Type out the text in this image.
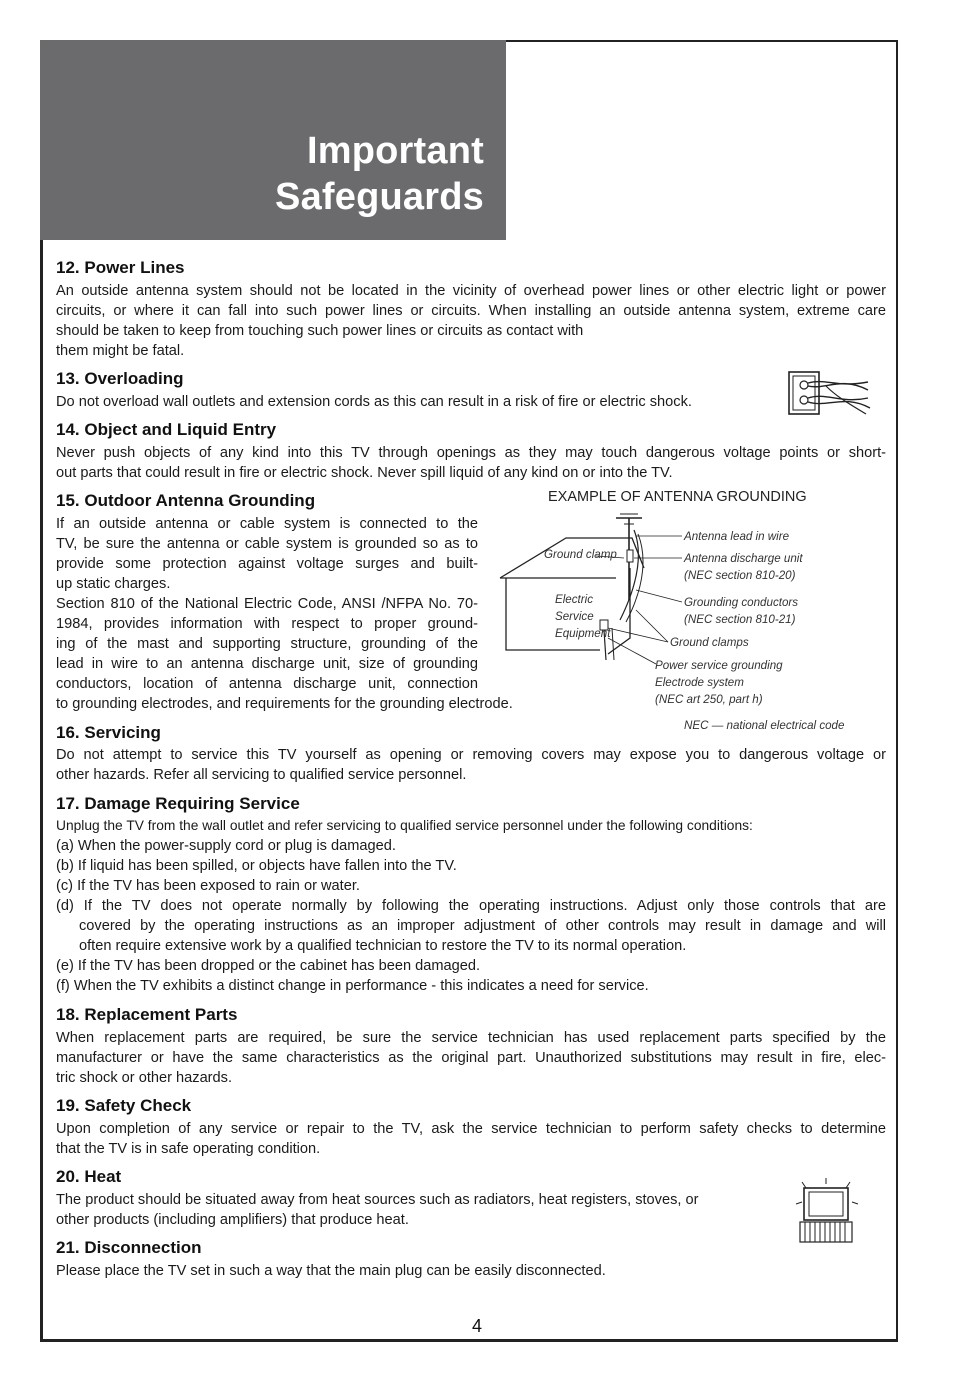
Important
Safeguards
12. Power Lines
An outside antenna system should not be located in the vicinity of overhead power lines or other electric light or power
circuits, or where it can fall into such power lines or circuits. When installing an outside antenna system, extreme care
should be taken to keep from touching such power lines or circuits as contact with
them might be fatal.
13. Overloading
Do not overload wall outlets and extension cords as this can result in a risk of fire or electric shock.
14. Object and Liquid Entry
Never push objects of any kind into this TV through openings as they may touch dangerous voltage points or short-
out parts that could result in fire or electric shock. Never spill liquid of any kind on or into the TV.
15. Outdoor Antenna Grounding
If an outside antenna or cable system is connected to the
TV, be sure the antenna or cable system is grounded so as to
provide some protection against voltage surges and built-
up static charges.
Section 810 of the National Electric Code, ANSI /NFPA No. 70-
1984, provides information with respect to proper ground-
ing of the mast and supporting structure, grounding of the
lead in wire to an antenna discharge unit, size of grounding
conductors, location of antenna discharge unit, connection
to grounding electrodes, and requirements for the grounding electrode.
EXAMPLE OF ANTENNA GROUNDING
Ground clamp
Electric
Service
Equipment
Antenna lead in wire
Antenna discharge unit
(NEC section 810-20)
Grounding conductors
(NEC section 810-21)
Ground clamps
Power service grounding
Electrode system
(NEC art 250, part h)
NEC — national electrical code
16. Servicing
Do not attempt to service this TV yourself as opening or removing covers may expose you to dangerous voltage or
other hazards. Refer all servicing to qualified service personnel.
17. Damage Requiring Service
Unplug the TV from the wall outlet and refer servicing to qualified service personnel under the following conditions:
(a) When the power-supply cord or plug is damaged.
(b) If liquid has been spilled, or objects have fallen into the TV.
(c) If the TV has been exposed to rain or water.
(d) If the TV does not operate normally by following the operating instructions. Adjust only those controls that are
covered by the operating instructions as an improper adjustment of other controls may result in damage and will
often require extensive work by a qualified technician to restore the TV to its normal operation.
(e) If the TV has been dropped or the cabinet has been damaged.
(f) When the TV exhibits a distinct change in performance - this indicates a need for service.
18. Replacement Parts
When replacement parts are required, be sure the service technician has used replacement parts specified by the
manufacturer or have the same characteristics as the original part. Unauthorized substitutions may result in fire, elec-
tric shock or other hazards.
19. Safety Check
Upon completion of any service or repair to the TV, ask the service technician to perform safety checks to determine
that the TV is in safe operating condition.
20. Heat
The product should be situated away from heat sources such as radiators, heat registers, stoves, or
other products (including amplifiers) that produce heat.
21. Disconnection
Please place the TV set in such a way that the main plug can be easily disconnected.
4
